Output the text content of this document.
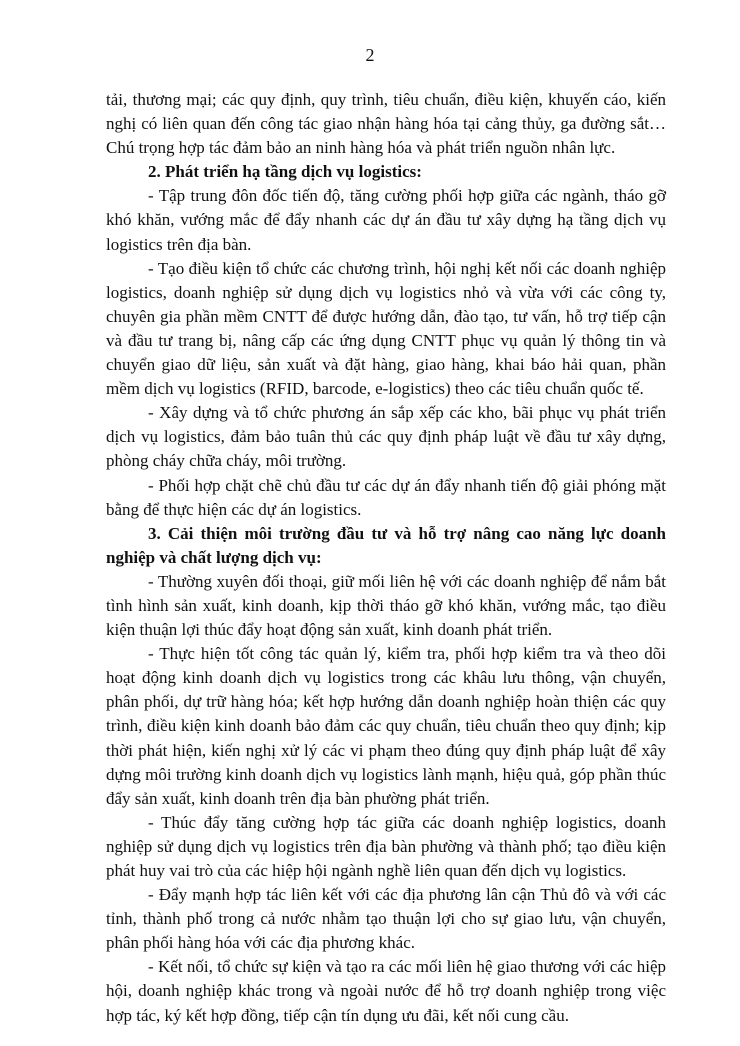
2

tải, thương mại; các quy định, quy trình, tiêu chuẩn, điều kiện, khuyến cáo, kiến nghị có liên quan đến công tác giao nhận hàng hóa tại cảng thủy, ga đường sắt… Chú trọng hợp tác đảm bảo an ninh hàng hóa và phát triển nguồn nhân lực.

2. Phát triển hạ tầng dịch vụ logistics:

- Tập trung đôn đốc tiến độ, tăng cường phối hợp giữa các ngành, tháo gỡ khó khăn, vướng mắc để đẩy nhanh các dự án đầu tư xây dựng hạ tầng dịch vụ logistics trên địa bàn.

- Tạo điều kiện tổ chức các chương trình, hội nghị kết nối các doanh nghiệp logistics, doanh nghiệp sử dụng dịch vụ logistics nhỏ và vừa với các công ty, chuyên gia phần mềm CNTT để được hướng dẫn, đào tạo, tư vấn, hỗ trợ tiếp cận và đầu tư trang bị, nâng cấp các ứng dụng CNTT phục vụ quản lý thông tin và chuyển giao dữ liệu, sản xuất và đặt hàng, giao hàng, khai báo hải quan, phần mềm dịch vụ logistics (RFID, barcode, e-logistics) theo các tiêu chuẩn quốc tế.

- Xây dựng và tổ chức phương án sắp xếp các kho, bãi phục vụ phát triển dịch vụ logistics, đảm bảo tuân thủ các quy định pháp luật về đầu tư xây dựng, phòng cháy chữa cháy, môi trường.

- Phối hợp chặt chẽ chủ đầu tư các dự án đẩy nhanh tiến độ giải phóng mặt bằng để thực hiện các dự án logistics.

3. Cải thiện môi trường đầu tư và hỗ trợ nâng cao năng lực doanh nghiệp và chất lượng dịch vụ:

- Thường xuyên đối thoại, giữ mối liên hệ với các doanh nghiệp để nắm bắt tình hình sản xuất, kinh doanh, kịp thời tháo gỡ khó khăn, vướng mắc, tạo điều kiện thuận lợi thúc đẩy hoạt động sản xuất, kinh doanh phát triển.

- Thực hiện tốt công tác quản lý, kiểm tra, phối hợp kiểm tra và theo dõi hoạt động kinh doanh dịch vụ logistics trong các khâu lưu thông, vận chuyển, phân phối, dự trữ hàng hóa; kết hợp hướng dẫn doanh nghiệp hoàn thiện các quy trình, điều kiện kinh doanh bảo đảm các quy chuẩn, tiêu chuẩn theo quy định; kịp thời phát hiện, kiến nghị xử lý các vi phạm theo đúng quy định pháp luật để xây dựng môi trường kinh doanh dịch vụ logistics lành mạnh, hiệu quả, góp phần thúc đẩy sản xuất, kinh doanh trên địa bàn phường phát triển.

- Thúc đẩy tăng cường hợp tác giữa các doanh nghiệp logistics, doanh nghiệp sử dụng dịch vụ logistics trên địa bàn phường và thành phố; tạo điều kiện phát huy vai trò của các hiệp hội ngành nghề liên quan đến dịch vụ logistics.

- Đẩy mạnh hợp tác liên kết với các địa phương lân cận Thủ đô và với các tỉnh, thành phố trong cả nước nhằm tạo thuận lợi cho sự giao lưu, vận chuyển, phân phối hàng hóa với các địa phương khác.

- Kết nối, tổ chức sự kiện và tạo ra các mối liên hệ giao thương với các hiệp hội, doanh nghiệp khác trong và ngoài nước để hỗ trợ doanh nghiệp trong việc hợp tác, ký kết hợp đồng, tiếp cận tín dụng ưu đãi, kết nối cung cầu.
